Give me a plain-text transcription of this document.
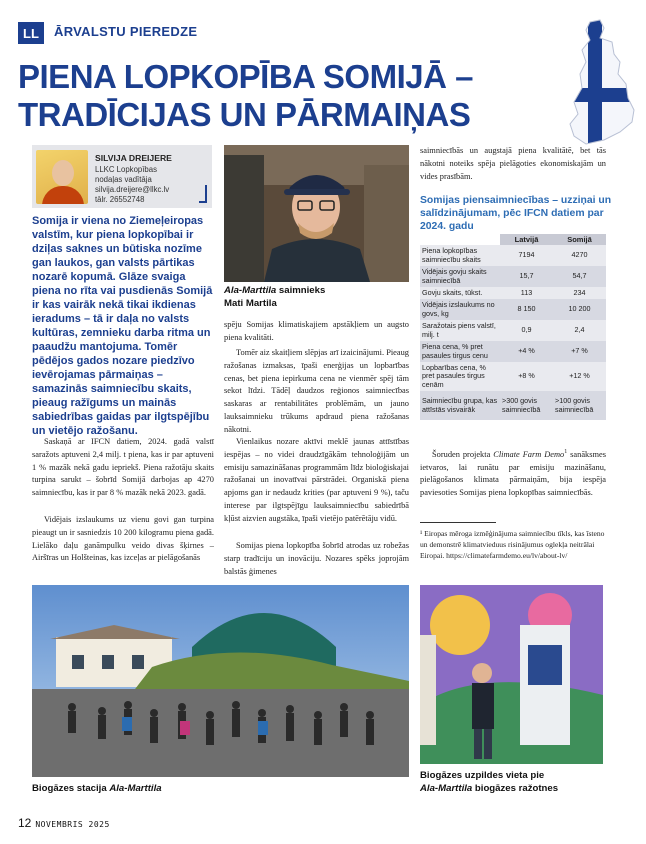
LL	ĀRVALSTU PIEREDZE
PIENA LOPKOPĪBA SOMIJĀ –
TRADĪCIJAS UN PĀRMAIŅAS
SILVIJA DREIJERE
LLKC Lopkopības
nodaļas vadītāja
silvija.dreijere@llkc.lv
tālr. 26552748
Somija ir viena no Ziemeļeiropas valstīm, kur piena lopkopībai ir dziļas saknes un būtiska nozīme gan laukos, gan valsts pārtikas nozarē kopumā. Glāze svaiga piena no rīta vai pusdienās Somijā ir kas vairāk nekā tikai ikdienas ieradums – tā ir daļa no valsts kultūras, zemnieku darba ritma un paaudžu mantojuma. Tomēr pēdējos gados nozare piedzīvo ievērojamas pārmaiņas – samazinās saimniecību skaits, pieaug ražīgums un mainās sabiedrības gaidas par ilgtspējību un vietējo ražošanu.
Saskaņā ar IFCN datiem, 2024. gadā valstī saražots aptuveni 2,4 milj. t piena, kas ir par aptuveni 1 % mazāk nekā gadu iepriekš. Piena ražotāju skaits turpina sarukt – šobrīd Somijā darbojas ap 4270 saimniecību, kas ir par 8 % mazāk nekā 2023. gadā.
Vidējais izslaukums uz vienu govi gan turpina pieaugt un ir sasniedzis 10 200 kilogramu piena gadā. Lielāko daļu ganāmpulku veido divas šķirnes – Airšīras un Holšteinas, kas izceļas ar pielāgošanās
Ala-Marttila saimnieks
Mati Martila
spēju Somijas klimatiskajiem apstākļiem un augsto piena kvalitāti.
Tomēr aiz skaitļiem slēpjas arī izaicinājumi. Pieaug ražošanas izmaksas, īpaši enerģijas un lopbarības cenas, bet piena iepirkuma cena ne vienmēr spēj tām sekot līdzi. Tādēļ daudzos reģionos saimniecības saskaras ar rentabilitātes problēmām, un jauno lauksaimnieku trūkums apdraud piena ražošanas nākotni.
Vienlaikus nozare aktīvi meklē jaunas attīstības iespējas – no videi draudzīgākām tehnoloģijām un emisiju samazināšanas programmām līdz bioloģiskajai ražošanai un inovatīvai pārstrādei. Organiskā piena apjoms gan ir nedaudz krities (par aptuveni 9 %), taču interese par ilgtspējīgu lauksaimniecību sabiedrībā kļūst aizvien augstāka, īpaši vietējo patērētāju vidū.
Somijas piena lopkopība šobrīd atrodas uz robežas starp tradīciju un inovāciju. Nozares spēks joprojām balstās ģimenes
saimniecībās un augstajā piena kvalitātē, bet tās nākotni noteiks spēja pielāgoties ekonomiskajām un vides prasībām.
Somijas piensaimniecības – uzziņai un salīdzinājumam, pēc IFCN datiem par 2024. gadu
	Latvijā	Somijā
Piena lopkopības saimniecību skaits	7194	4270
Vidējais govju skaits saimniecībā	15,7	54,7
Govju skaits, tūkst.	113	234
Vidējais izslaukums no govs, kg	8 150	10 200
Saražotais piens valstī, milj. t	0,9	2,4
Piena cena, % pret pasaules tirgus cenu	+4 %	+7 %
Lopbarības cena, % pret pasaules tirgus cenām	+8 %	+12 %
Saimniecību grupa, kas attīstās visvairāk	>300 govis saimniecībā	>100 govis saimniecībā
Šoruden projekta Climate Farm Demo$^1$ sanāksmes ietvaros, lai runātu par emisiju mazināšanu, pielāgošanos klimata pārmaiņām, bija iespēja paviesoties Somijas piena lopkopības saimniecībās.
¹ Eiropas mēroga izmēģinājuma saimniecību tīkls, kas īsteno un demonstrē klimatvieduus risinājumus oglekļa neitrālai Eiropai. https://climatefarmdemo.eu/lv/about-lv/
Biogāzes stacija Ala-Marttila
Biogāzes uzpildes vieta pie
Ala-Marttila biogāzes ražotnes
12 NOVEMBRIS 2025
